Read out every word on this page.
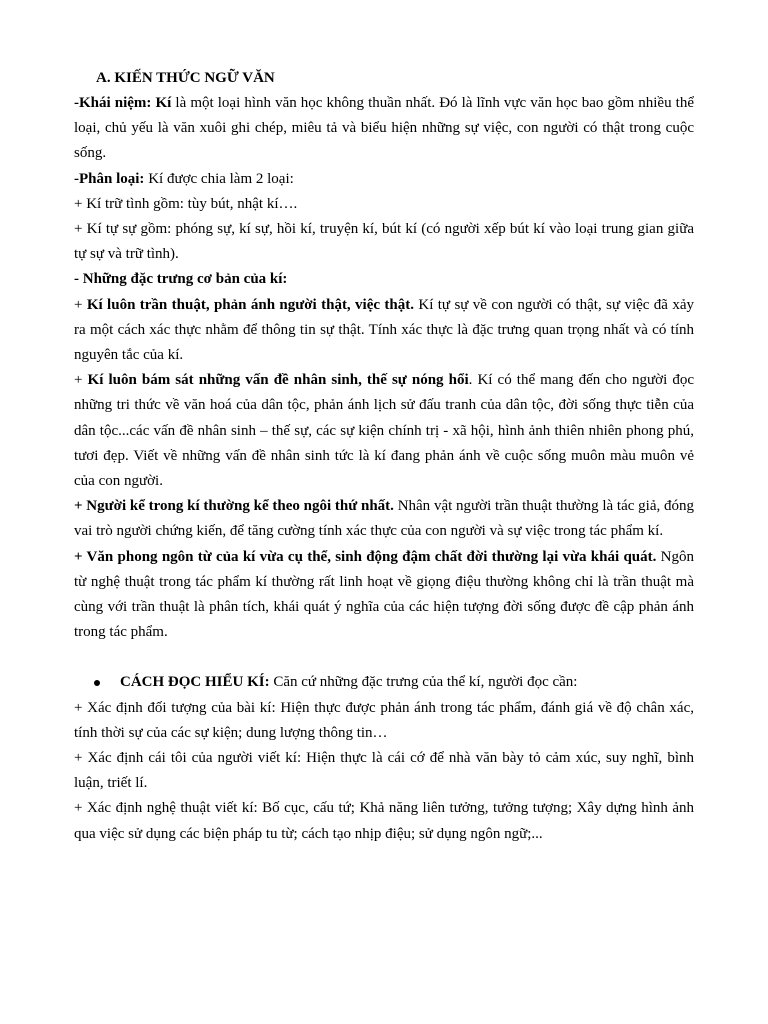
A. KIẾN THỨC NGỮ VĂN

-Khái niệm: Kí là một loại hình văn học không thuần nhất. Đó là lĩnh vực văn học bao gồm nhiều thể loại, chủ yếu là văn xuôi ghi chép, miêu tả và biểu hiện những sự việc, con người có thật trong cuộc sống.

-Phân loại: Kí được chia làm 2 loại:

+ Kí trữ tình gồm: tùy bút, nhật kí….

+ Kí tự sự gồm: phóng sự, kí sự, hồi kí, truyện kí, bút kí (có người xếp bút kí vào loại trung gian giữa tự sự và trữ tình).

- Những đặc trưng cơ bản của kí:

+ Kí luôn trần thuật, phản ánh người thật, việc thật. Kí tự sự về con người có thật, sự việc đã xảy ra một cách xác thực nhằm để thông tin sự thật. Tính xác thực là đặc trưng quan trọng nhất và có tính nguyên tắc của kí.

+ Kí luôn bám sát những vấn đề nhân sinh, thế sự nóng hổi. Kí có thể mang đến cho người đọc những tri thức về văn hoá của dân tộc, phản ánh lịch sử đấu tranh của dân tộc, đời sống thực tiễn của dân tộc...các vấn đề nhân sinh – thế sự, các sự kiện chính trị - xã hội, hình ảnh thiên nhiên phong phú, tươi đẹp. Viết về những vấn đề nhân sinh tức là kí đang phản ánh về cuộc sống muôn màu muôn vẻ của con người.

+ Người kể trong kí thường kể theo ngôi thứ nhất. Nhân vật người trần thuật thường là tác giả, đóng vai trò người chứng kiến, để tăng cường tính xác thực của con người và sự việc trong tác phẩm kí.

+ Văn phong ngôn từ của kí vừa cụ thể, sinh động đậm chất đời thường lại vừa khái quát. Ngôn từ nghệ thuật trong tác phẩm kí thường rất linh hoạt về giọng điệu thường không chỉ là trần thuật mà cùng với trần thuật là phân tích, khái quát ý nghĩa của các hiện tượng đời sống được đề cập phản ánh trong tác phẩm.

CÁCH ĐỌC HIỂU KÍ: Căn cứ những đặc trưng của thể kí, người đọc cần:

+ Xác định đối tượng của bài kí: Hiện thực được phản ánh trong tác phẩm, đánh giá về độ chân xác, tính thời sự của các sự kiện; dung lượng thông tin…

+ Xác định cái tôi của người viết kí: Hiện thực là cái cớ để nhà văn bày tỏ cảm xúc, suy nghĩ, bình luận, triết lí.

+ Xác định nghệ thuật viết kí: Bố cục, cấu tứ; Khả năng liên tưởng, tưởng tượng; Xây dựng hình ảnh qua việc sử dụng các biện pháp tu từ; cách tạo nhịp điệu; sử dụng ngôn ngữ;...
